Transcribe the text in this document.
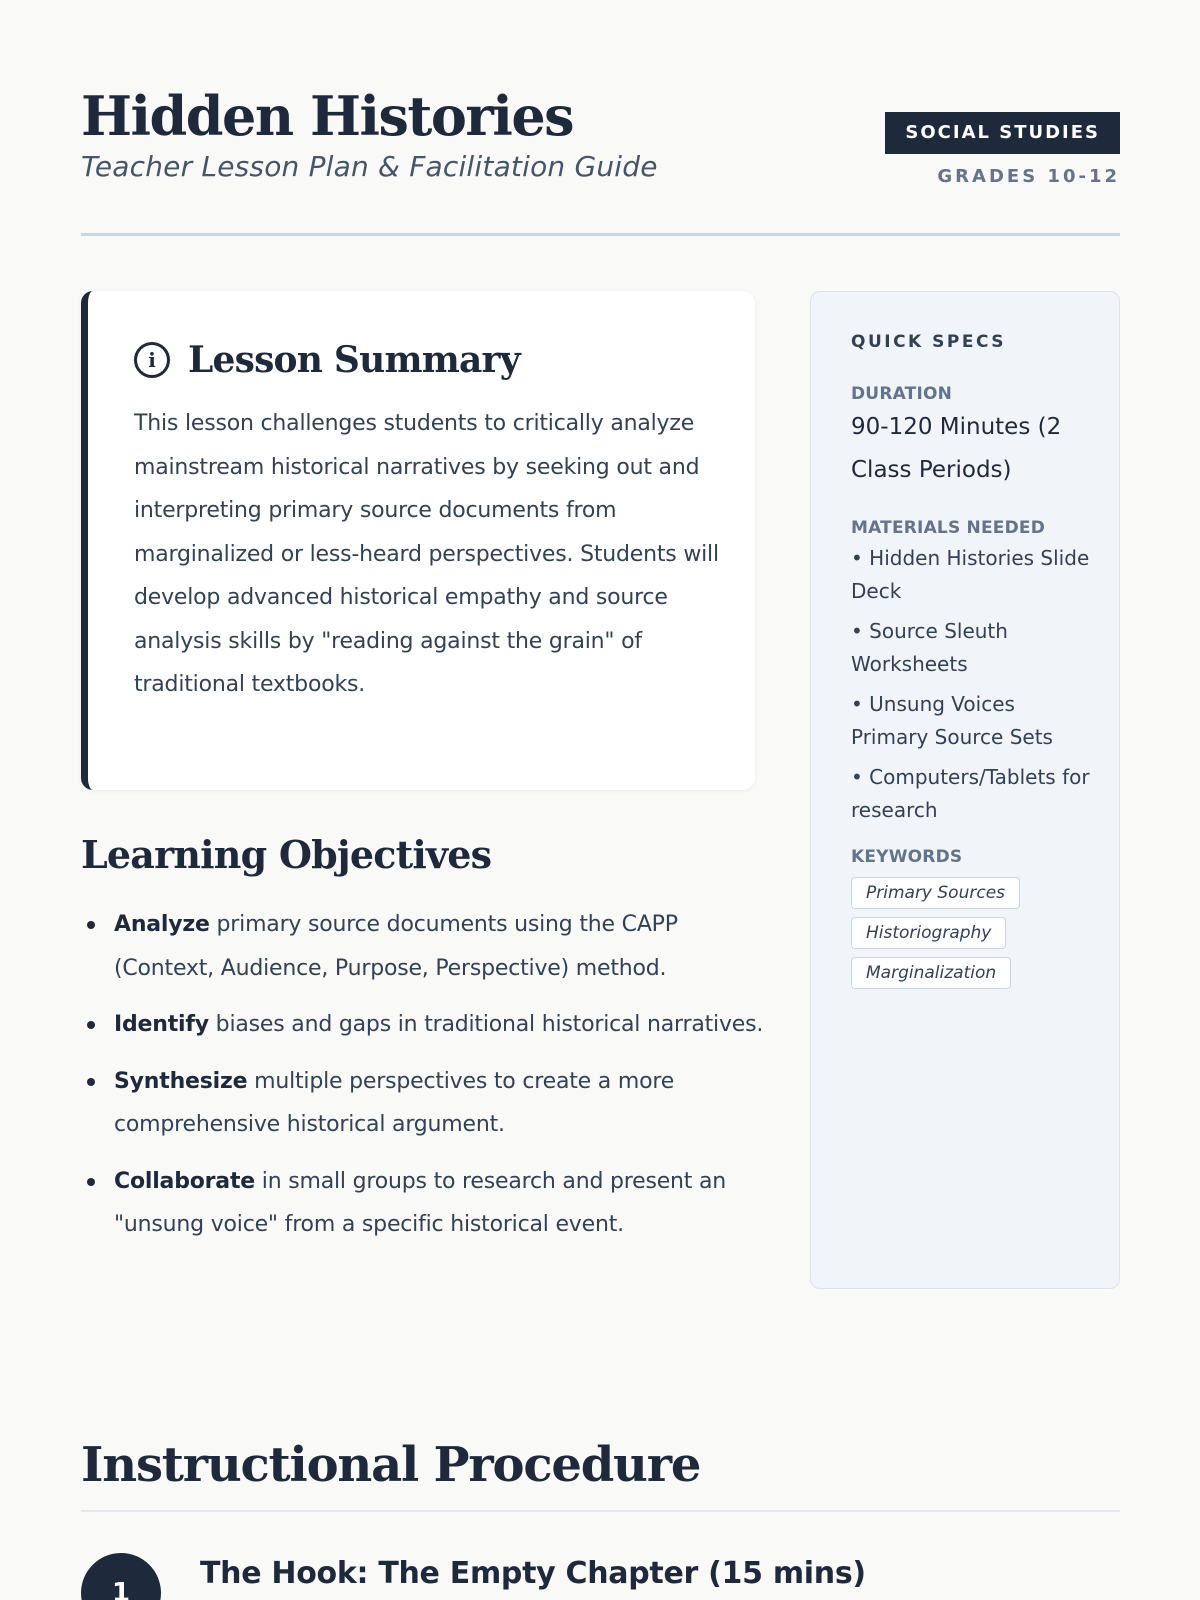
Hidden Histories
Teacher Lesson Plan & Facilitation Guide
SOCIAL STUDIES
GRADES 10-12
i Lesson Summary

This lesson challenges students to critically analyze mainstream historical narratives by seeking out and interpreting primary source documents from marginalized or less-heard perspectives. Students will develop advanced historical empathy and source analysis skills by "reading against the grain" of traditional textbooks.

Learning Objectives
Analyze primary source documents using the CAPP (Context, Audience, Purpose, Perspective) method.
Identify biases and gaps in traditional historical narratives.
Synthesize multiple perspectives to create a more comprehensive historical argument.
Collaborate in small groups to research and present an "unsung voice" from a specific historical event.
QUICK SPECS
DURATION
90-120 Minutes (2 Class Periods)
MATERIALS NEEDED
• Hidden Histories Slide Deck
• Source Sleuth Worksheets
• Unsung Voices Primary Source Sets
• Computers/Tablets for research
KEYWORDS
Primary Sources
Historiography
Marginalization
Instructional Procedure
1
The Hook: The Empty Chapter (15 mins)
